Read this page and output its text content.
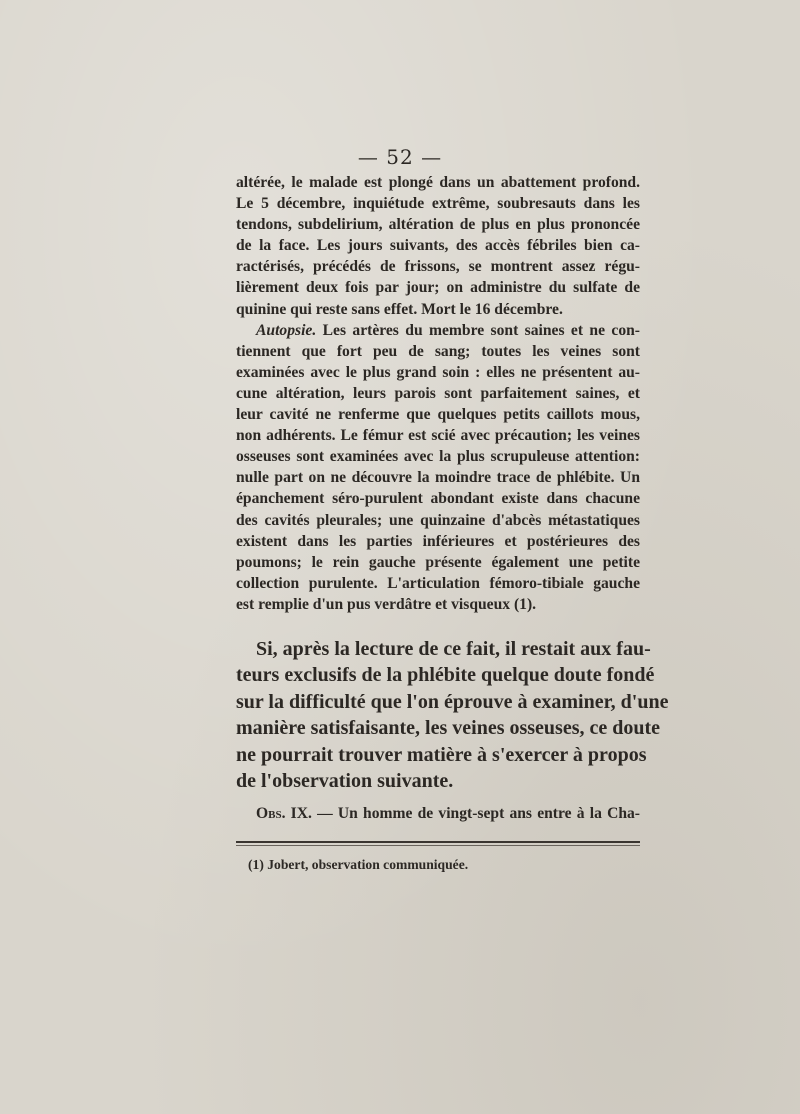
— 52 —
altérée, le malade est plongé dans un abattement profond.
Le 5 décembre, inquiétude extrême, soubresauts dans les
tendons, subdelirium, altération de plus en plus prononcée
de la face. Les jours suivants, des accès fébriles bien ca-
ractérisés, précédés de frissons, se montrent assez régu-
lièrement deux fois par jour; on administre du sulfate de
quinine qui reste sans effet. Mort le 16 décembre.
Autopsie. Les artères du membre sont saines et ne con-
tiennent que fort peu de sang; toutes les veines sont
examinées avec le plus grand soin : elles ne présentent au-
cune altération, leurs parois sont parfaitement saines, et
leur cavité ne renferme que quelques petits caillots mous,
non adhérents. Le fémur est scié avec précaution; les veines
osseuses sont examinées avec la plus scrupuleuse attention:
nulle part on ne découvre la moindre trace de phlébite. Un
épanchement séro-purulent abondant existe dans chacune
des cavités pleurales; une quinzaine d'abcès métastatiques
existent dans les parties inférieures et postérieures des
poumons; le rein gauche présente également une petite
collection purulente. L'articulation fémoro-tibiale gauche
est remplie d'un pus verdâtre et visqueux (1).
Si, après la lecture de ce fait, il restait aux fau-
teurs exclusifs de la phlébite quelque doute fondé
sur la difficulté que l'on éprouve à examiner, d'une
manière satisfaisante, les veines osseuses, ce doute
ne pourrait trouver matière à s'exercer à propos
de l'observation suivante.
Obs. IX. — Un homme de vingt-sept ans entre à la Cha-
(1) Jobert, observation communiquée.
